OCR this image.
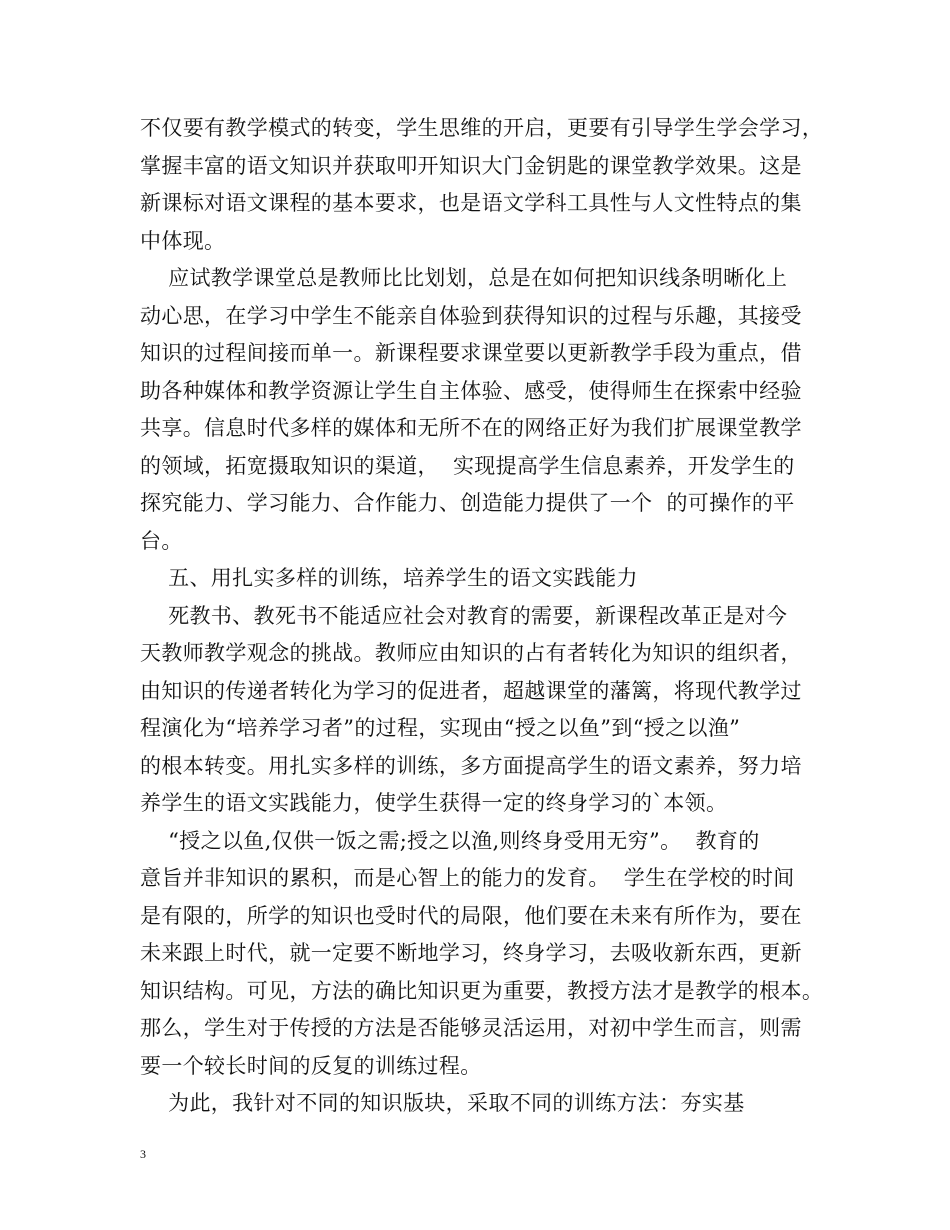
不仅要有教学模式的转变，学生思维的开启，更要有引导学生学会学习，
掌握丰富的语文知识并获取叩开知识大门金钥匙的课堂教学效果。这是
新课标对语文课程的基本要求，也是语文学科工具性与人文性特点的集
中体现。
应试教学课堂总是教师比比划划，总是在如何把知识线条明晰化上
动心思，在学习中学生不能亲自体验到获得知识的过程与乐趣，其接受
知识的过程间接而单一。新课程要求课堂要以更新教学手段为重点，借
助各种媒体和教学资源让学生自主体验、感受，使得师生在探索中经验
共享。信息时代多样的媒体和无所不在的网络正好为我们扩展课堂教学
的领域，拓宽摄取知识的渠道，  实现提高学生信息素养，开发学生的
探究能力、学习能力、合作能力、创造能力提供了一个  的可操作的平
台。
五、用扎实多样的训练，培养学生的语文实践能力
死教书、教死书不能适应社会对教育的需要，新课程改革正是对今
天教师教学观念的挑战。教师应由知识的占有者转化为知识的组织者，
由知识的传递者转化为学习的促进者，超越课堂的藩篱，将现代教学过
程演化为“培养学习者”的过程，实现由“授之以鱼”到“授之以渔”
的根本转变。用扎实多样的训练，多方面提高学生的语文素养，努力培
养学生的语文实践能力，使学生获得一定的终身学习的`本领。
“授之以鱼,仅供一饭之需;授之以渔,则终身受用无穷”。  教育的
意旨并非知识的累积，而是心智上的能力的发育。  学生在学校的时间
是有限的，所学的知识也受时代的局限，他们要在未来有所作为，要在
未来跟上时代，就一定要不断地学习，终身学习，去吸收新东西，更新
知识结构。可见，方法的确比知识更为重要，教授方法才是教学的根本。
那么，学生对于传授的方法是否能够灵活运用，对初中学生而言，则需
要一个较长时间的反复的训练过程。
为此，我针对不同的知识版块，采取不同的训练方法：夯实基
3
